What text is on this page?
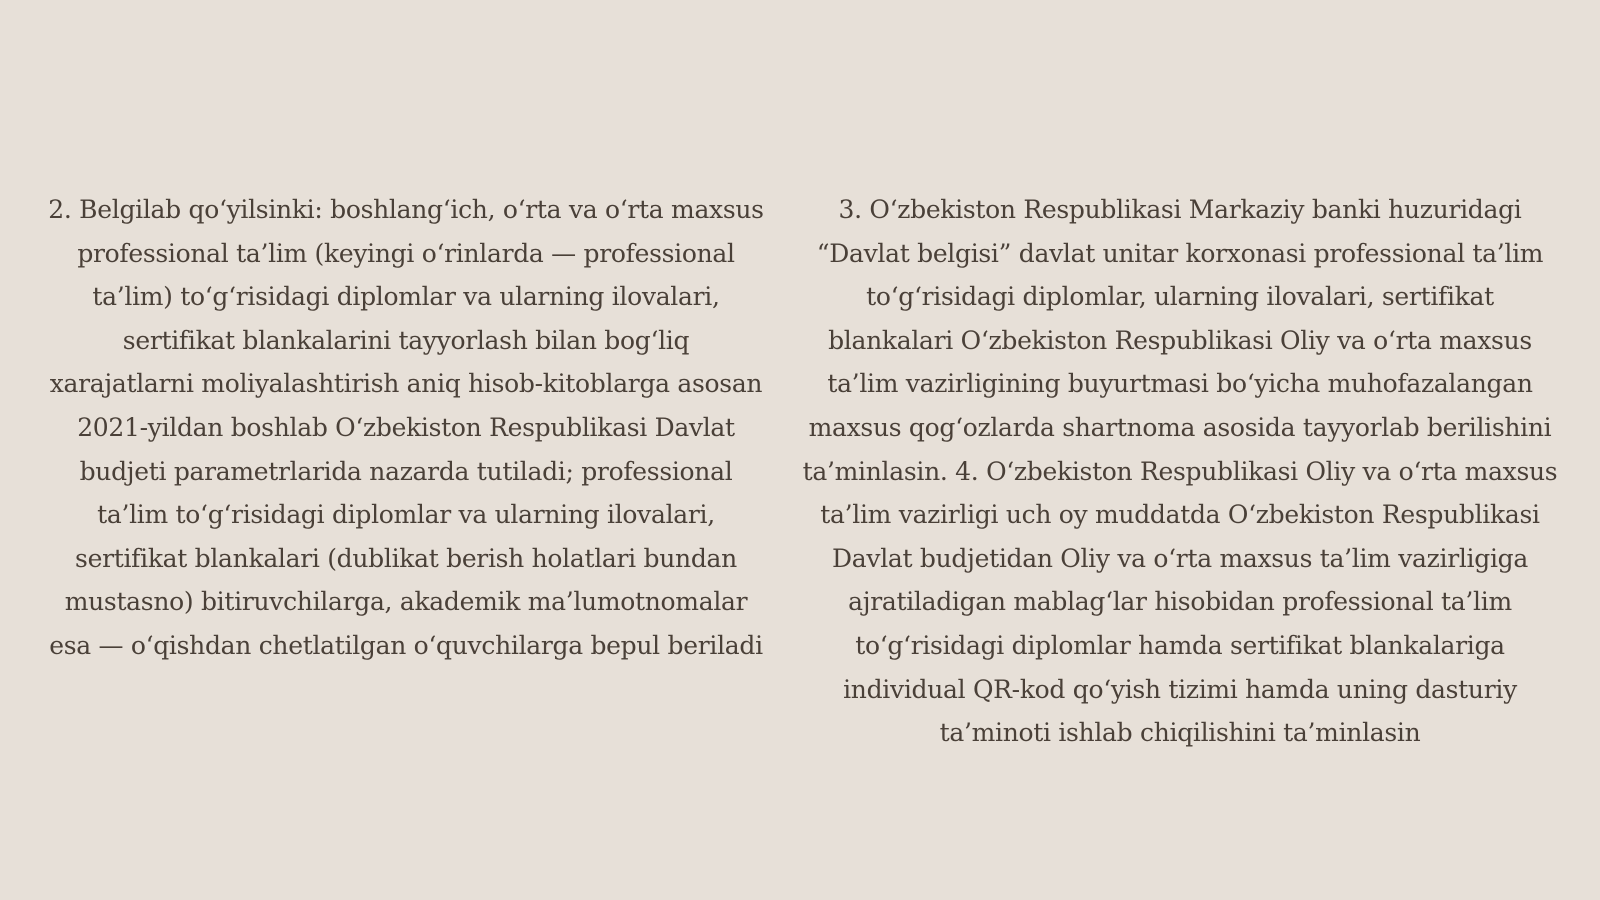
2. Belgilab qo‘yilsinki: boshlang‘ich, o‘rta va o‘rta maxsus
professional ta’lim (keyingi o‘rinlarda — professional
ta’lim) to‘g‘risidagi diplomlar va ularning ilovalari,
sertifikat blankalarini tayyorlash bilan bog‘liq
xarajatlarni moliyalashtirish aniq hisob-kitoblarga asosan
2021-yildan boshlab O‘zbekiston Respublikasi Davlat
budjeti parametrlarida nazarda tutiladi; professional
ta’lim to‘g‘risidagi diplomlar va ularning ilovalari,
sertifikat blankalari (dublikat berish holatlari bundan
mustasno) bitiruvchilarga, akademik ma’lumotnomalar
esa — o‘qishdan chetlatilgan o‘quvchilarga bepul beriladi
3. O‘zbekiston Respublikasi Markaziy banki huzuridagi
“Davlat belgisi” davlat unitar korxonasi professional ta’lim
to‘g‘risidagi diplomlar, ularning ilovalari, sertifikat
blankalari O‘zbekiston Respublikasi Oliy va o‘rta maxsus
ta’lim vazirligining buyurtmasi bo‘yicha muhofazalangan
maxsus qog‘ozlarda shartnoma asosida tayyorlab berilishini
ta’minlasin. 4. O‘zbekiston Respublikasi Oliy va o‘rta maxsus
ta’lim vazirligi uch oy muddatda O‘zbekiston Respublikasi
Davlat budjetidan Oliy va o‘rta maxsus ta’lim vazirligiga
ajratiladigan mablag‘lar hisobidan professional ta’lim
to‘g‘risidagi diplomlar hamda sertifikat blankalariga
individual QR-kod qo‘yish tizimi hamda uning dasturiy
ta’minoti ishlab chiqilishini ta’minlasin
